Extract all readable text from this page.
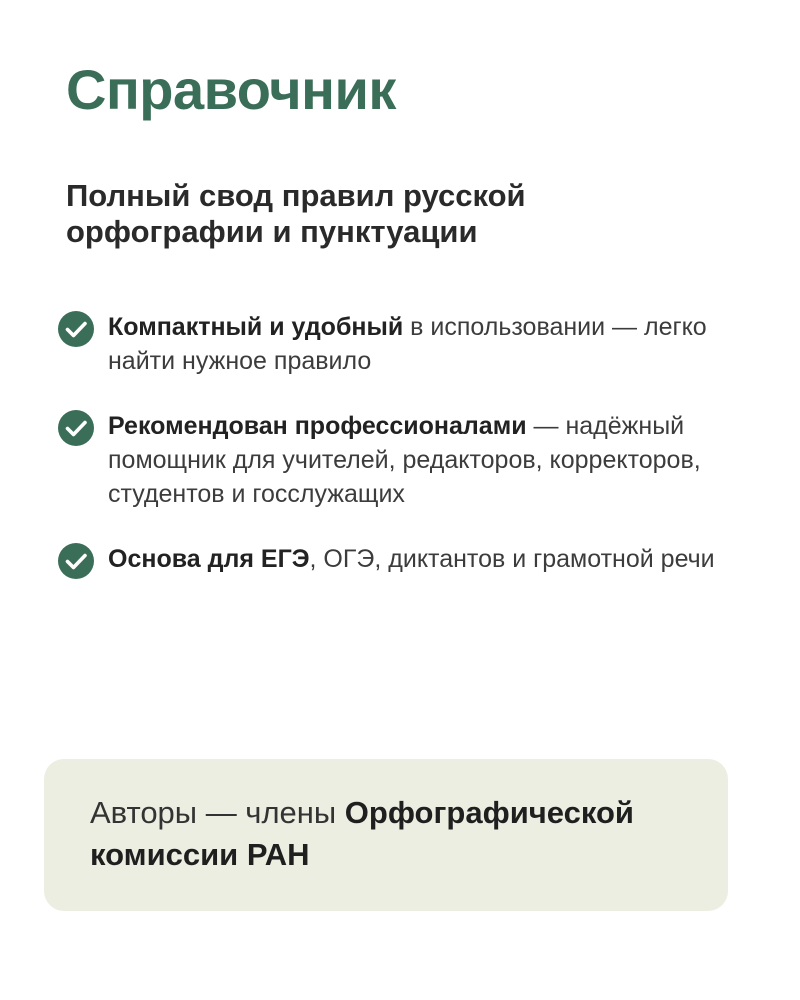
Справочник

Полный свод правил русской орфографии и пунктуации

Компактный и удобный в использовании — легко найти нужное правило
Рекомендован профессионалами — надёжный помощник для учителей, редакторов, корректоров, студентов и госслужащих
Основа для ЕГЭ, ОГЭ, диктантов и грамотной речи

Авторы — члены Орфографической комиссии РАН
